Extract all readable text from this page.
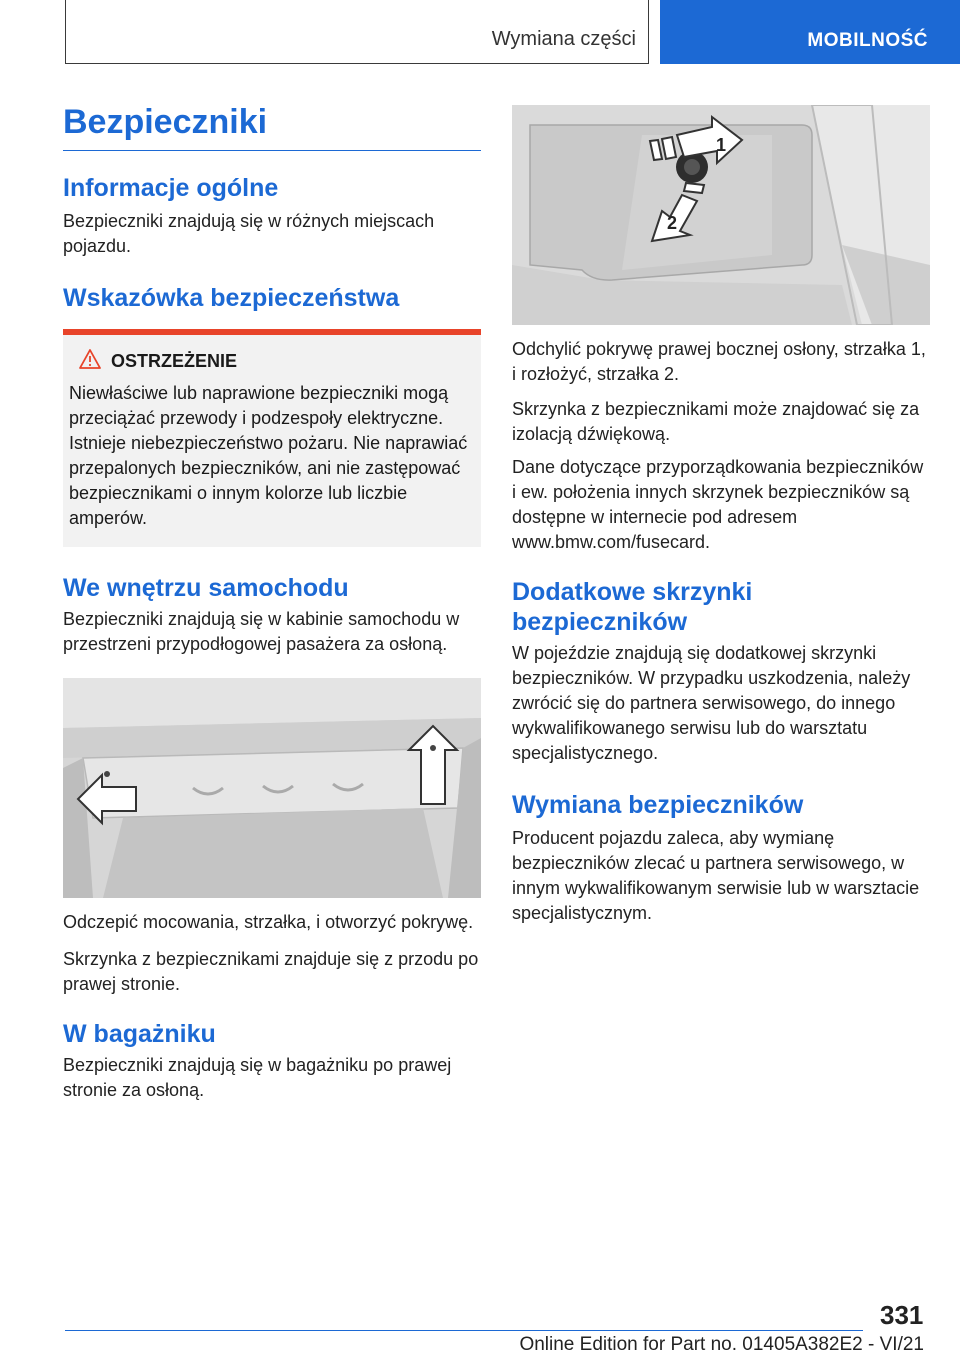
Wymiana części	MOBILNOŚĆ
Bezpieczniki
Informacje ogólne

Bezpieczniki znajdują się w różnych miejscach pojazdu.

Wskazówka bezpieczeństwa
OSTRZEŻENIE

Niewłaściwe lub naprawione bezpieczniki mogą przeciążać przewody i podzespoły elektryczne. Istnieje niebezpieczeństwo pożaru. Nie naprawiać przepalonych bezpieczników, ani nie zastępować bezpiecznikami o innym kolorze lub liczbie amperów.

We wnętrzu samochodu

Bezpieczniki znajdują się w kabinie samochodu w przestrzeni przypodłogowej pasażera za osłoną.

Odczepić mocowania, strzałka, i otworzyć pokrywę.

Skrzynka z bezpiecznikami znajduje się z przodu po prawej stronie.

W bagażniku

Bezpieczniki znajdują się w bagażniku po prawej stronie za osłoną.

1
2

Odchylić pokrywę prawej bocznej osłony, strzałka 1, i rozłożyć, strzałka 2.

Skrzynka z bezpiecznikami może znajdować się za izolacją dźwiękową.

Dane dotyczące przyporządkowania bezpieczników i ew. położenia innych skrzynek bezpieczników są dostępne w internecie pod adresem www.bmw.com/fusecard.

Dodatkowe skrzynki bezpieczników

W pojeździe znajdują się dodatkowej skrzynki bezpieczników. W przypadku uszkodzenia, należy zwrócić się do partnera serwisowego, do innego wykwalifikowanego serwisu lub do warsztatu specjalistycznego.

Wymiana bezpieczników

Producent pojazdu zaleca, aby wymianę bezpieczników zlecać u partnera serwisowego, w innym wykwalifikowanym serwisie lub w warsztacie specjalistycznym.

331
Online Edition for Part no. 01405A382E2 - VI/21
